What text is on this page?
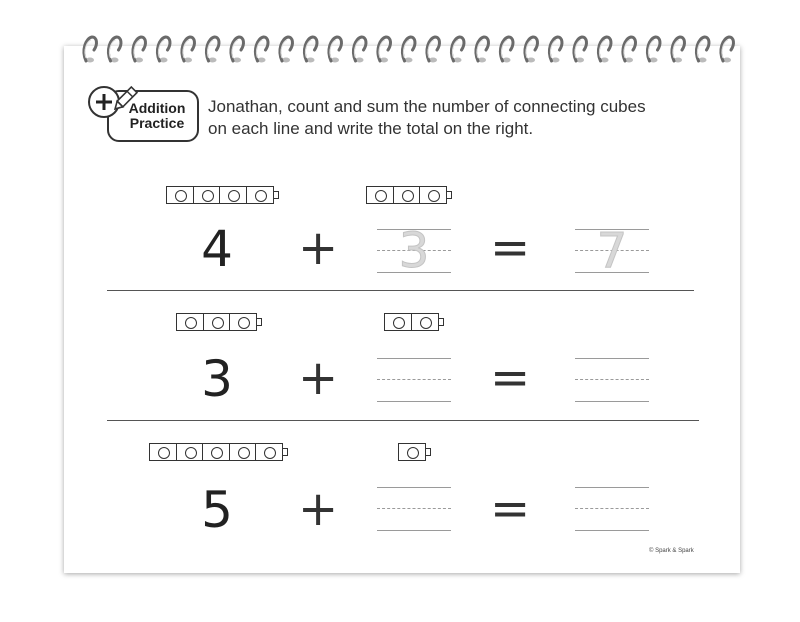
Addition
Practice
Jonathan, count and sum the number of connecting cubes
on each line and write the total on the right.
4 +	3	=	7
3 +	=
5 +	=
© Spark & Spark
